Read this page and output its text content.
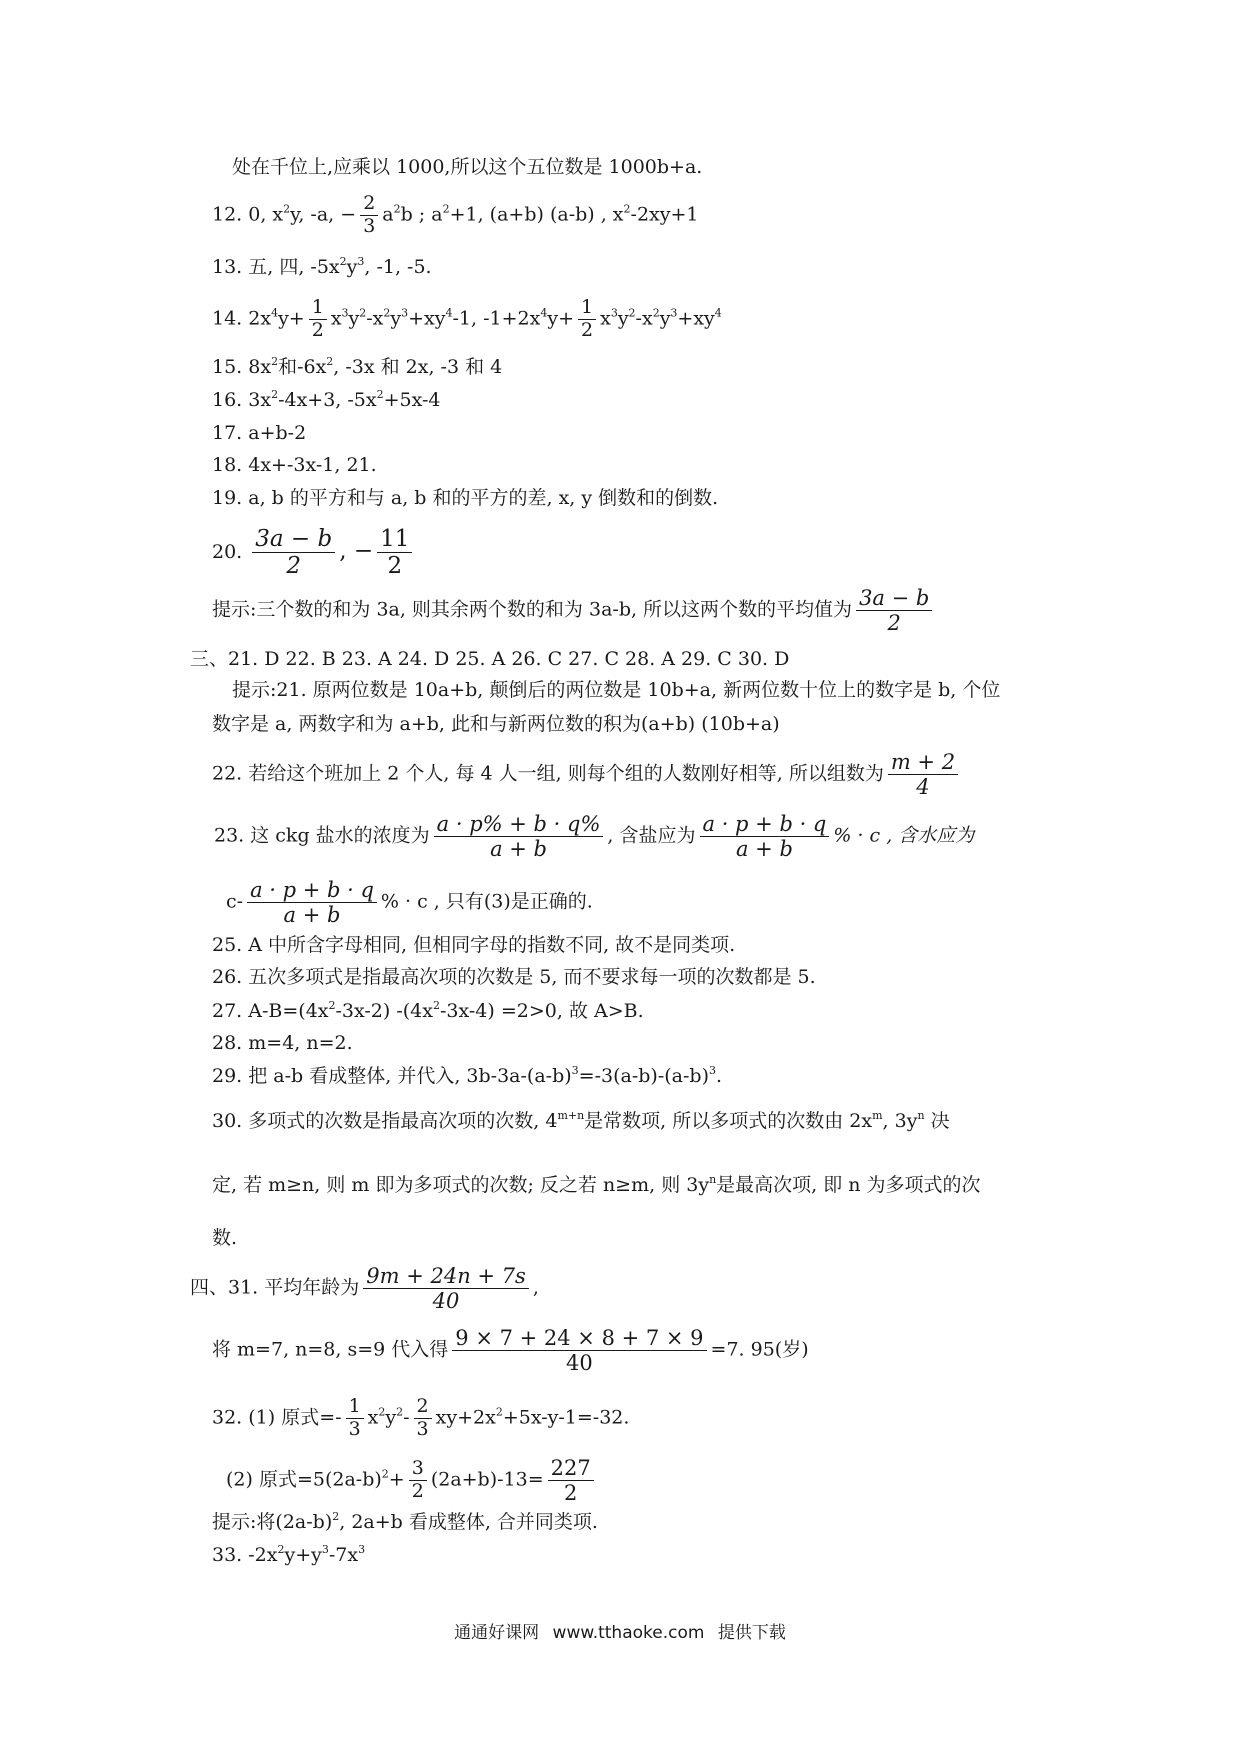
处在千位上,应乘以 1000,所以这个五位数是 1000b+a.
12. 0, $x^2y$, -a, − $\frac{2}{3} a^2b$ ; $a^2+1$, (a+b) (a-b) , $x^2-2xy+1$
13. 五, 四, $-5x^2y^3$, -1, -5.
14. $2x^4y+ \frac{1}{2} x^3y^2-x^2y^3+xy^4-1$, $-1+2x^4y+ \frac{1}{2} x^3y^2-x^2y^3+xy^4$
15. $8x^2$和$-6x^2$, -3x 和 2x, -3 和 4
16. $3x^2-4x+3$, $-5x^2+5x-4$
17. a+b-2
18. 4x+-3x-1, 21.
19. a, b 的平方和与 a, b 和的平方的差, x, y 倒数和的倒数.
20. $\frac{3a - b}{2}$ , − $\frac{11}{2}$
提示:三个数的和为 3a, 则其余两个数的和为 3a-b, 所以这两个数的平均值为 $\frac{3a - b}{2}$
三、21. D 22. B 23. A 24. D 25. A 26. C 27. C 28. A 29. C 30. D
提示:21. 原两位数是 10a+b, 颠倒后的两位数是 10b+a, 新两位数十位上的数字是 b, 个位
数字是 a, 两数字和为 a+b, 此和与新两位数的积为(a+b) (10b+a)
22. 若给这个班加上 2 个人, 每 4 人一组, 则每个组的人数刚好相等, 所以组数为 $\frac{m + 2}{4}$
23. 这 ckg 盐水的浓度为 $\frac{a \cdot p\% + b \cdot q\%}{a + b}$ , 含盐应为 $\frac{a \cdot p + b \cdot q}{a + b}$ % · c , 含水应为
$c- \frac{a \cdot p + b \cdot q}{a + b}$ % · c , 只有(3)是正确的.
25. A 中所含字母相同, 但相同字母的指数不同, 故不是同类项.
26. 五次多项式是指最高次项的次数是 5, 而不要求每一项的次数都是 5.
27. $A-B=(4x^2-3x-2)$ $-(4x^2-3x-4) =2>0$, 故 A>B.
28. m=4, n=2.
29. 把 a-b 看成整体, 并代入, $3b-3a-(a-b)^3=-3(a-b)-(a-b)^3$.
30. 多项式的次数是指最高次项的次数, $4^{m+n}$是常数项, 所以多项式的次数由 $2x^m$, $3y^n$ 决
定, 若 m≥n, 则 m 即为多项式的次数; 反之若 n≥m, 则 $3y^n$是最高次项, 即 n 为多项式的次
数.
四、31. 平均年龄为 $\frac{9m + 24n + 7s}{40}$ ,
将 m=7, n=8, s=9 代入得 $\frac{9 \times 7 + 24 \times 8 + 7 \times 9}{40} =7$. 95(岁)
32. (1) 原式=- $\frac{1}{3} x^2y^2- \frac{2}{3} xy+2x^2+5x-y-1=-32$.
(2) 原式$=5(2a-b)^2+ \frac{3}{2} (2a+b)-13= \frac{227}{2}$
提示:将$(2a-b)^2$, 2a+b 看成整体, 合并同类项.
33. $-2x^2y+y^3-7x^3$
通通好课网 www.tthaoke.com 提供下载
